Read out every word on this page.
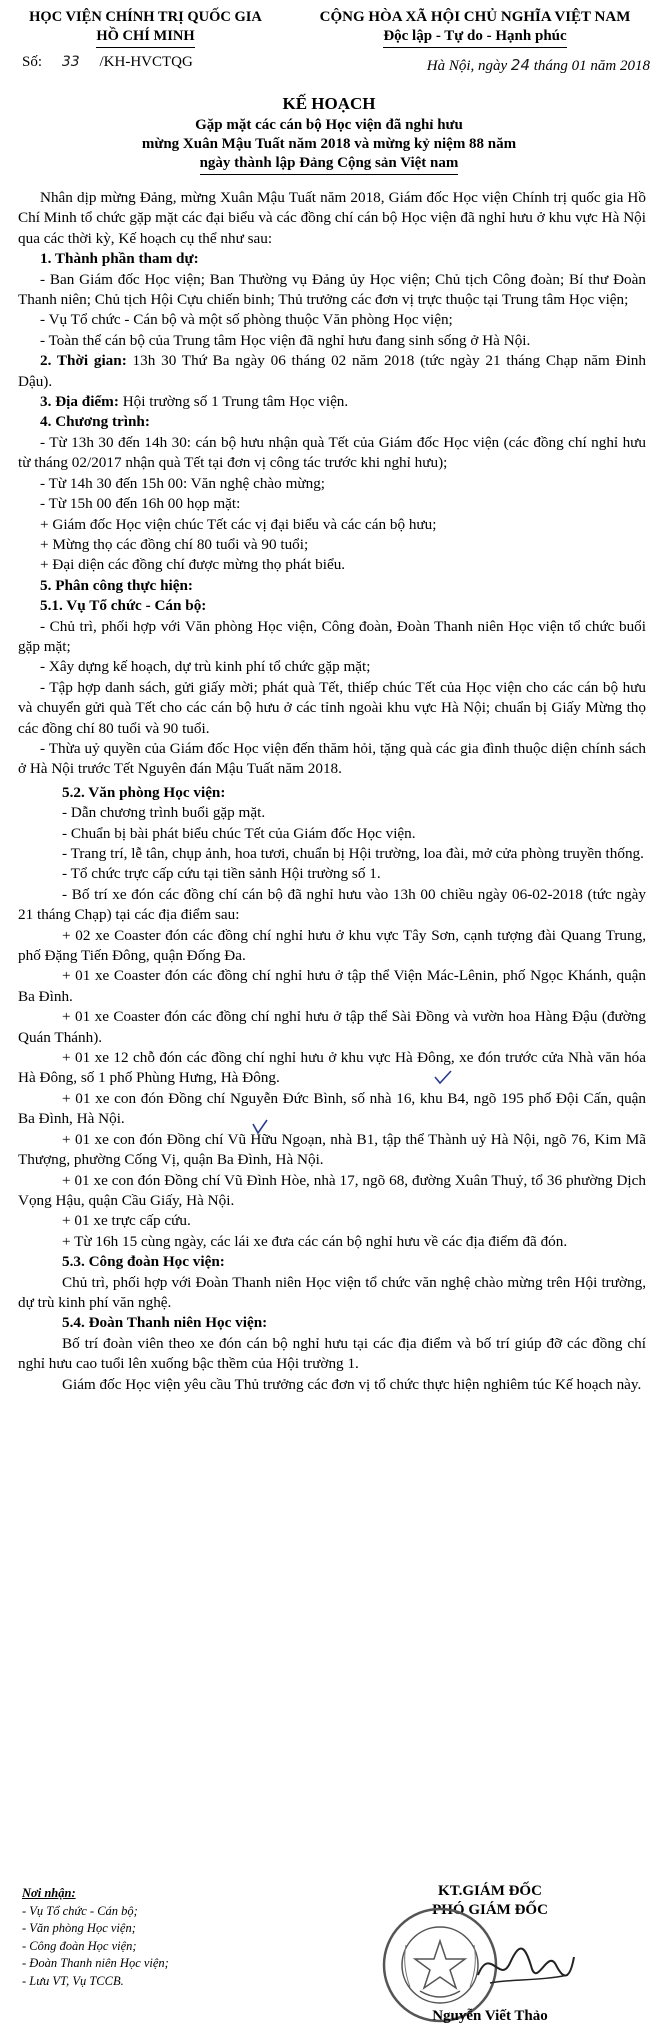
HỌC VIỆN CHÍNH TRỊ QUỐC GIA
HỒ CHÍ MINH
CỘNG HÒA XÃ HỘI CHỦ NGHĨA VIỆT NAM
Độc lập - Tự do - Hạnh phúc
Số: 33 /KH-HVCTQG	Hà Nội, ngày 24 tháng 01 năm 2018
KẾ HOẠCH
Gặp mặt các cán bộ Học viện đã nghỉ hưu
mừng Xuân Mậu Tuất năm 2018 và mừng kỷ niệm 88 năm
ngày thành lập Đảng Cộng sản Việt nam

Nhân dịp mừng Đảng, mừng Xuân Mậu Tuất năm 2018, Giám đốc Học viện Chính trị quốc gia Hồ Chí Minh tổ chức gặp mặt các đại biểu và các đồng chí cán bộ Học viện đã nghỉ hưu ở khu vực Hà Nội qua các thời kỳ, Kế hoạch cụ thể như sau:

1. Thành phần tham dự:

- Ban Giám đốc Học viện; Ban Thường vụ Đảng ủy Học viện; Chủ tịch Công đoàn; Bí thư Đoàn Thanh niên; Chủ tịch Hội Cựu chiến binh; Thủ trưởng các đơn vị trực thuộc tại Trung tâm Học viện;

- Vụ Tổ chức - Cán bộ và một số phòng thuộc Văn phòng Học viện;

- Toàn thể cán bộ của Trung tâm Học viện đã nghỉ hưu đang sinh sống ở Hà Nội.

2. Thời gian: 13h 30 Thứ Ba ngày 06 tháng 02 năm 2018 (tức ngày 21 tháng Chạp năm Đinh Dậu).

3. Địa điểm: Hội trường số 1 Trung tâm Học viện.

4. Chương trình:

- Từ 13h 30 đến 14h 30: cán bộ hưu nhận quà Tết của Giám đốc Học viện (các đồng chí nghỉ hưu từ tháng 02/2017 nhận quà Tết tại đơn vị công tác trước khi nghỉ hưu);

- Từ 14h 30 đến 15h 00: Văn nghệ chào mừng;

- Từ 15h 00 đến 16h 00 họp mặt:

+ Giám đốc Học viện chúc Tết các vị đại biểu và các cán bộ hưu;

+ Mừng thọ các đồng chí 80 tuổi và 90 tuổi;

+ Đại diện các đồng chí được mừng thọ phát biểu.

5. Phân công thực hiện:

5.1. Vụ Tổ chức - Cán bộ:

- Chủ trì, phối hợp với Văn phòng Học viện, Công đoàn, Đoàn Thanh niên Học viện tổ chức buổi gặp mặt;

- Xây dựng kế hoạch, dự trù kinh phí tổ chức gặp mặt;

- Tập hợp danh sách, gửi giấy mời; phát quà Tết, thiếp chúc Tết của Học viện cho các cán bộ hưu và chuyển gửi quà Tết cho các cán bộ hưu ở các tỉnh ngoài khu vực Hà Nội; chuẩn bị Giấy Mừng thọ các đồng chí 80 tuổi và 90 tuổi.

- Thừa uỷ quyền của Giám đốc Học viện đến thăm hỏi, tặng quà các gia đình thuộc diện chính sách ở Hà Nội trước Tết Nguyên đán Mậu Tuất năm 2018.

5.2. Văn phòng Học viện:

- Dẫn chương trình buổi gặp mặt.

- Chuẩn bị bài phát biểu chúc Tết của Giám đốc Học viện.

- Trang trí, lễ tân, chụp ảnh, hoa tươi, chuẩn bị Hội trường, loa đài, mở cửa phòng truyền thống.

- Tổ chức trực cấp cứu tại tiền sảnh Hội trường số 1.

- Bố trí xe đón các đồng chí cán bộ đã nghỉ hưu vào 13h 00 chiều ngày 06-02-2018 (tức ngày 21 tháng Chạp) tại các địa điểm sau:

+ 02 xe Coaster đón các đồng chí nghỉ hưu ở khu vực Tây Sơn, cạnh tượng đài Quang Trung, phố Đặng Tiến Đông, quận Đống Đa.

+ 01 xe Coaster đón các đồng chí nghỉ hưu ở tập thể Viện Mác-Lênin, phố Ngọc Khánh, quận Ba Đình.

+ 01 xe Coaster đón các đồng chí nghỉ hưu ở tập thể Sài Đồng và vườn hoa Hàng Đậu (đường Quán Thánh).

+ 01 xe 12 chỗ đón các đồng chí nghỉ hưu ở khu vực Hà Đông, xe đón trước cửa Nhà văn hóa Hà Đông, số 1 phố Phùng Hưng, Hà Đông.

+ 01 xe con đón Đồng chí Nguyễn Đức Bình, số nhà 16, khu B4, ngõ 195 phố Đội Cấn, quận Ba Đình, Hà Nội.

+ 01 xe con đón Đồng chí Vũ Hữu Ngoạn, nhà B1, tập thể Thành uỷ Hà Nội, ngõ 76, Kim Mã Thượng, phường Cống Vị, quận Ba Đình, Hà Nội.

+ 01 xe con đón Đồng chí Vũ Đình Hòe, nhà 17, ngõ 68, đường Xuân Thuỷ, tổ 36 phường Dịch Vọng Hậu, quận Cầu Giấy, Hà Nội.

+ 01 xe trực cấp cứu.

+ Từ 16h 15 cùng ngày, các lái xe đưa các cán bộ nghỉ hưu về các địa điểm đã đón.

5.3. Công đoàn Học viện:

Chủ trì, phối hợp với Đoàn Thanh niên Học viện tổ chức văn nghệ chào mừng trên Hội trường, dự trù kinh phí văn nghệ.

5.4. Đoàn Thanh niên Học viện:

Bố trí đoàn viên theo xe đón cán bộ nghỉ hưu tại các địa điểm và bố trí giúp đỡ các đồng chí nghỉ hưu cao tuổi lên xuống bậc thềm của Hội trường 1.

Giám đốc Học viện yêu cầu Thủ trưởng các đơn vị tổ chức thực hiện nghiêm túc Kế hoạch này.

Nơi nhận:
- Vụ Tổ chức - Cán bộ;
- Văn phòng Học viện;
- Công đoàn Học viện;
- Đoàn Thanh niên Học viện;
- Lưu VT, Vụ TCCB.
KT.GIÁM ĐỐC
PHÓ GIÁM ĐỐC
Nguyễn Viết Thảo
